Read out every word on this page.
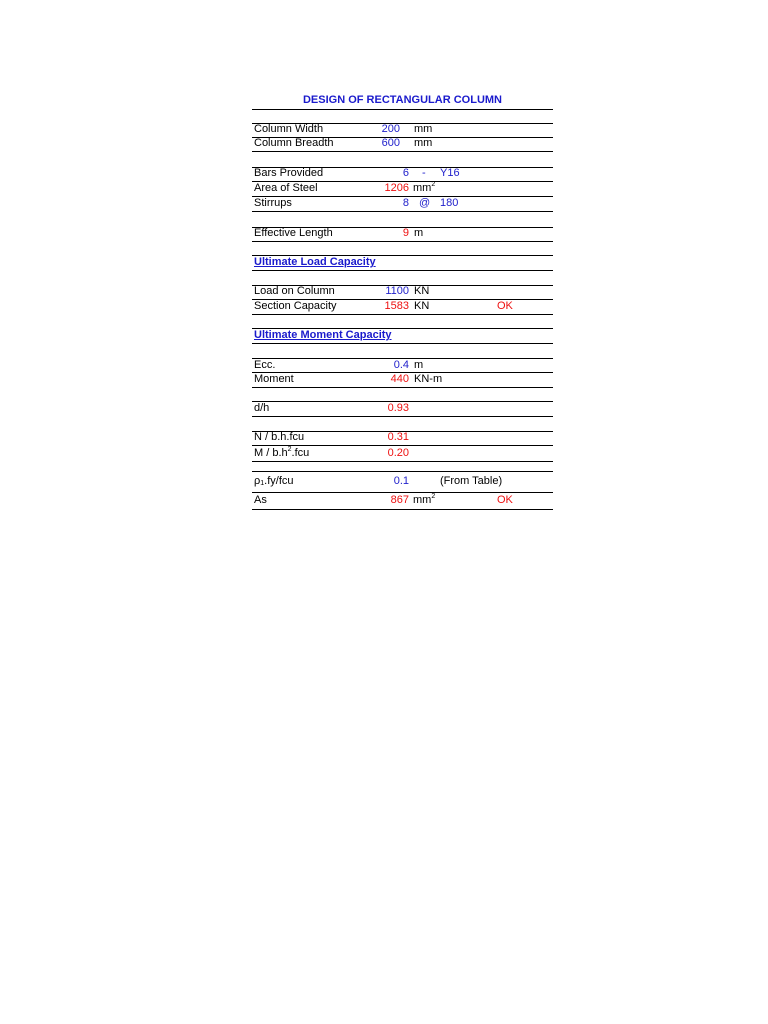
DESIGN OF RECTANGULAR COLUMN
Column Width	200 mm
Column Breadth	600 mm
Bars Provided	6 - Y16
Area of Steel	1206 $mm^2$
Stirrups	8 @ 180
Effective Length	9 m
Ultimate Load Capacity
Load on Column	1100 KN
Section Capacity	1583 KN	OK
Ultimate Moment Capacity
Ecc.	0.4 m
Moment	440 KN-m
d/h	0.93
N / b.h.fcu	0.31
M / $b.h^2.fcu$	0.20
$\rho_1.fy$/fcu	0.1	(From Table)
As	867 $mm^2$	OK
